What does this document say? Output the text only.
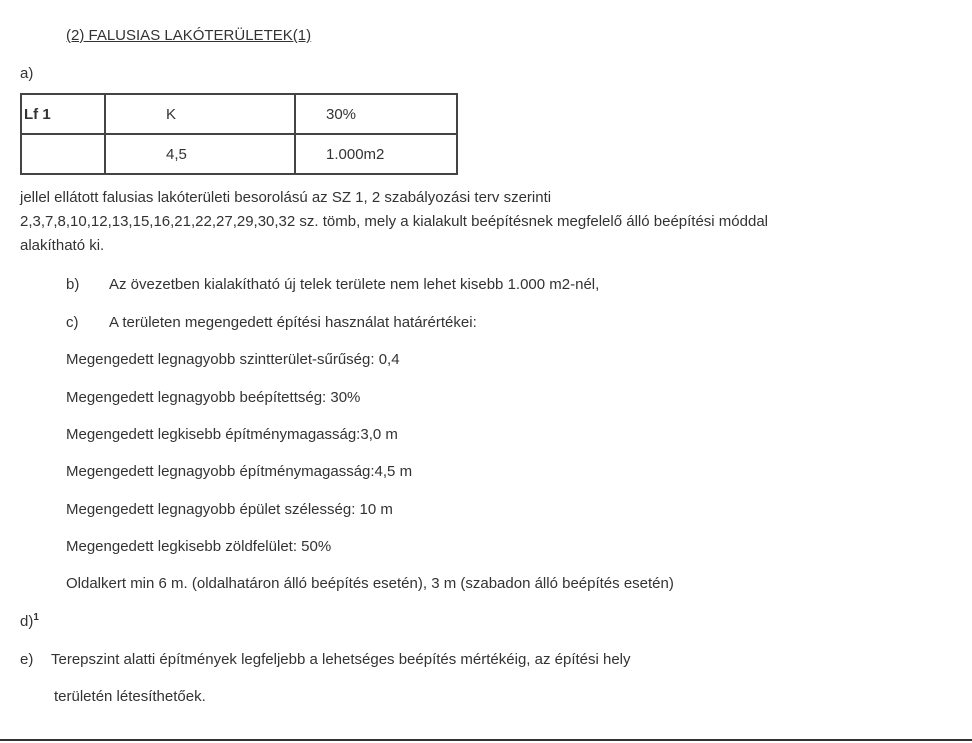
(2) FALUSIAS LAKÓTERÜLETEK(1)
a)
Lf 1	K	30%
	4,5	1.000m2
jellel ellátott falusias lakóterületi besorolású az SZ 1, 2 szabályozási terv szerinti
2,3,7,8,10,12,13,15,16,21,22,27,29,30,32 sz. tömb, mely a kialakult beépítésnek megfelelő álló beépítési móddal
alakítható ki.
b) Az övezetben kialakítható új telek területe nem lehet kisebb 1.000 m2-nél,
c) A területen megengedett építési használat határértékei:
Megengedett legnagyobb szintterület-sűrűség: 0,4
Megengedett legnagyobb beépítettség: 30%
Megengedett legkisebb építménymagasság:3,0 m
Megengedett legnagyobb építménymagasság:4,5 m
Megengedett legnagyobb épület szélesség: 10 m
Megengedett legkisebb zöldfelület: 50%
Oldalkert min 6 m. (oldalhatáron álló beépítés esetén), 3 m (szabadon álló beépítés esetén)
d)$^1$
e) Terepszint alatti építmények legfeljebb a lehetséges beépítés mértékéig, az építési hely
területén létesíthetőek.
